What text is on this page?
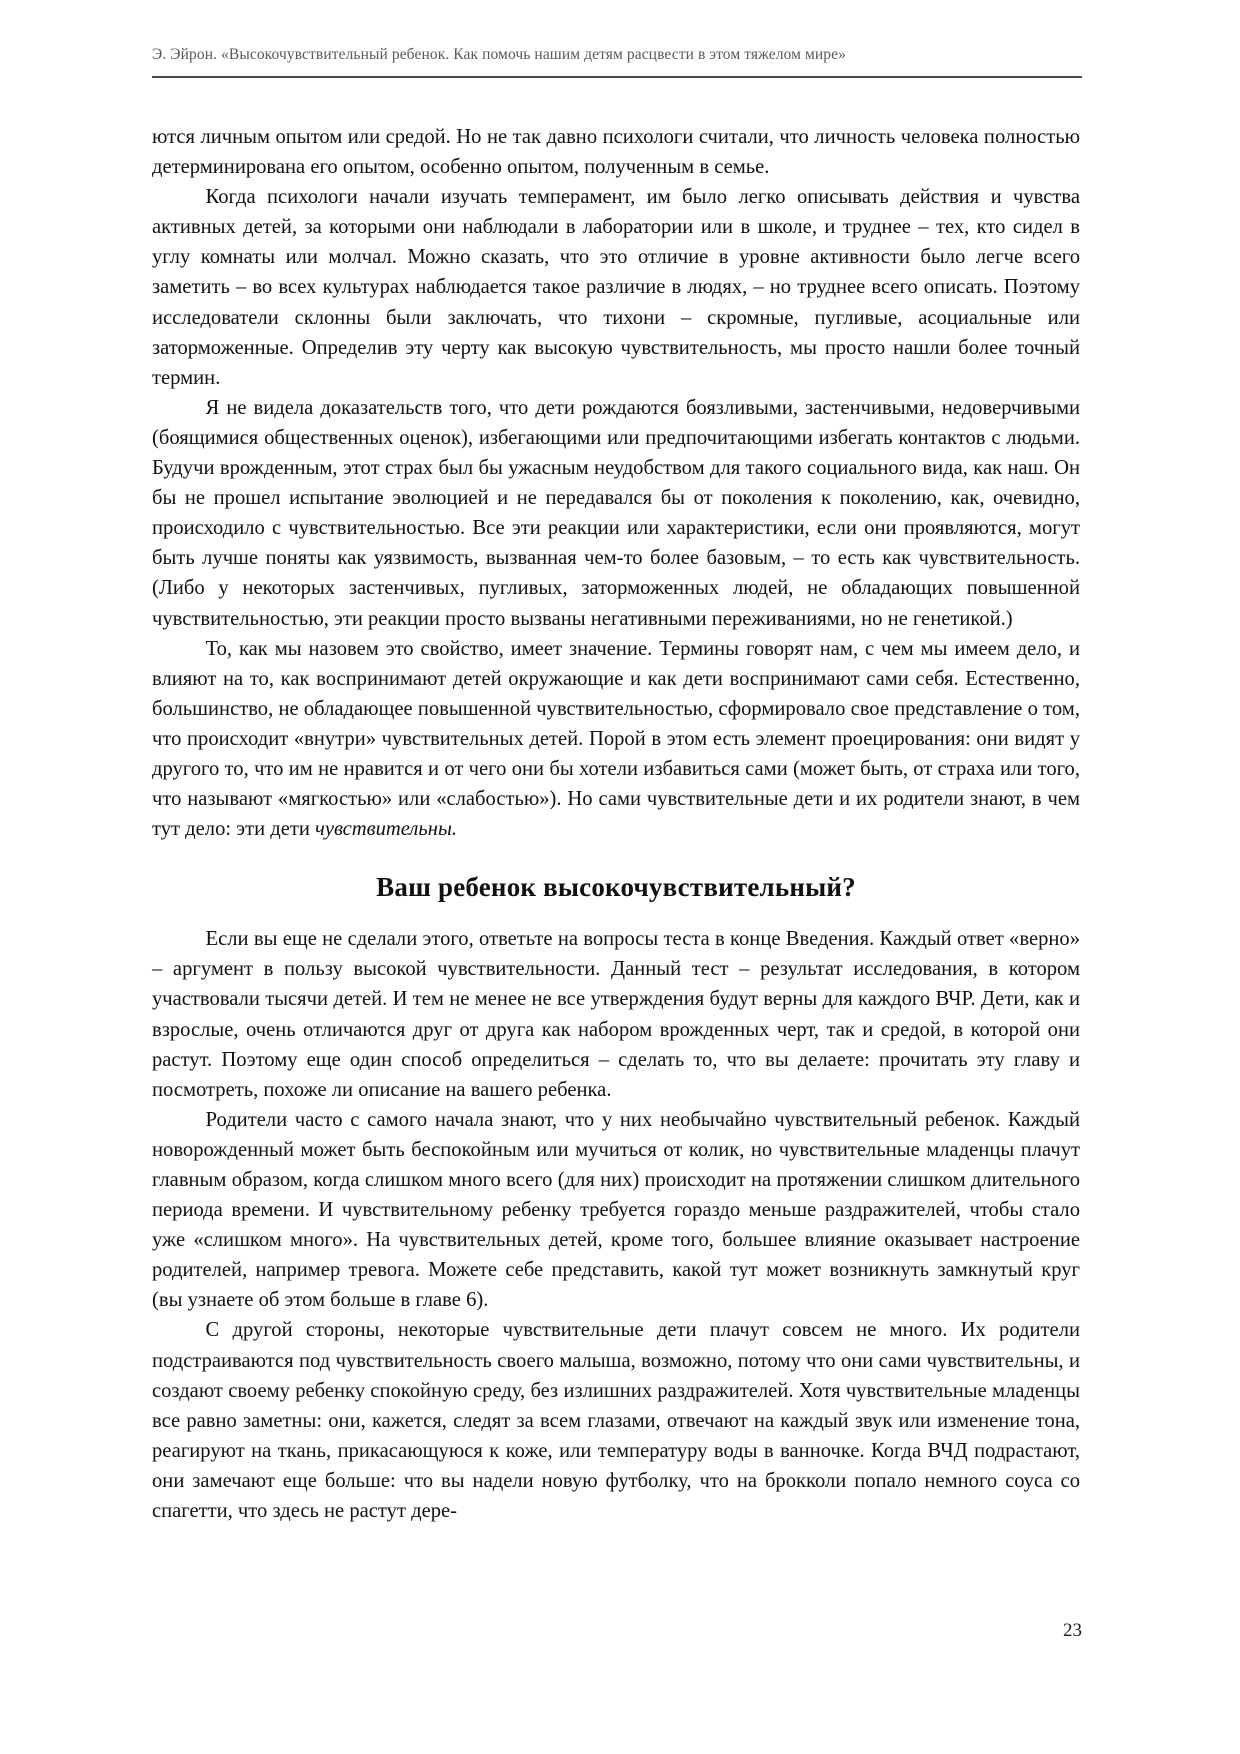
Э. Эйрон. «Высокочувствительный ребенок. Как помочь нашим детям расцвести в этом тяжелом мире»

ются личным опытом или средой. Но не так давно психологи считали, что личность человека полностью детерминирована его опытом, особенно опытом, полученным в семье.

Когда психологи начали изучать темперамент, им было легко описывать действия и чувства активных детей, за которыми они наблюдали в лаборатории или в школе, и труднее – тех, кто сидел в углу комнаты или молчал. Можно сказать, что это отличие в уровне активности было легче всего заметить – во всех культурах наблюдается такое различие в людях, – но труднее всего описать. Поэтому исследователи склонны были заключать, что тихони – скромные, пугливые, асоциальные или заторможенные. Определив эту черту как высокую чувствительность, мы просто нашли более точный термин.

Я не видела доказательств того, что дети рождаются боязливыми, застенчивыми, недоверчивыми (боящимися общественных оценок), избегающими или предпочитающими избегать контактов с людьми. Будучи врожденным, этот страх был бы ужасным неудобством для такого социального вида, как наш. Он бы не прошел испытание эволюцией и не передавался бы от поколения к поколению, как, очевидно, происходило с чувствительностью. Все эти реакции или характеристики, если они проявляются, могут быть лучше поняты как уязвимость, вызванная чем-то более базовым, – то есть как чувствительность. (Либо у некоторых застенчивых, пугливых, заторможенных людей, не обладающих повышенной чувствительностью, эти реакции просто вызваны негативными переживаниями, но не генетикой.)

То, как мы назовем это свойство, имеет значение. Термины говорят нам, с чем мы имеем дело, и влияют на то, как воспринимают детей окружающие и как дети воспринимают сами себя. Естественно, большинство, не обладающее повышенной чувствительностью, сформировало свое представление о том, что происходит «внутри» чувствительных детей. Порой в этом есть элемент проецирования: они видят у другого то, что им не нравится и от чего они бы хотели избавиться сами (может быть, от страха или того, что называют «мягкостью» или «слабостью»). Но сами чувствительные дети и их родители знают, в чем тут дело: эти дети чувствительны.

Ваш ребенок высокочувствительный?

Если вы еще не сделали этого, ответьте на вопросы теста в конце Введения. Каждый ответ «верно» – аргумент в пользу высокой чувствительности. Данный тест – результат исследования, в котором участвовали тысячи детей. И тем не менее не все утверждения будут верны для каждого ВЧР. Дети, как и взрослые, очень отличаются друг от друга как набором врожденных черт, так и средой, в которой они растут. Поэтому еще один способ определиться – сделать то, что вы делаете: прочитать эту главу и посмотреть, похоже ли описание на вашего ребенка.

Родители часто с самого начала знают, что у них необычайно чувствительный ребенок. Каждый новорожденный может быть беспокойным или мучиться от колик, но чувствительные младенцы плачут главным образом, когда слишком много всего (для них) происходит на протяжении слишком длительного периода времени. И чувствительному ребенку требуется гораздо меньше раздражителей, чтобы стало уже «слишком много». На чувствительных детей, кроме того, большее влияние оказывает настроение родителей, например тревога. Можете себе представить, какой тут может возникнуть замкнутый круг (вы узнаете об этом больше в главе 6).

С другой стороны, некоторые чувствительные дети плачут совсем не много. Их родители подстраиваются под чувствительность своего малыша, возможно, потому что они сами чувствительны, и создают своему ребенку спокойную среду, без излишних раздражителей. Хотя чувствительные младенцы все равно заметны: они, кажется, следят за всем глазами, отвечают на каждый звук или изменение тона, реагируют на ткань, прикасающуюся к коже, или температуру воды в ванночке. Когда ВЧД подрастают, они замечают еще больше: что вы надели новую футболку, что на брокколи попало немного соуса со спагетти, что здесь не растут дере-

23
